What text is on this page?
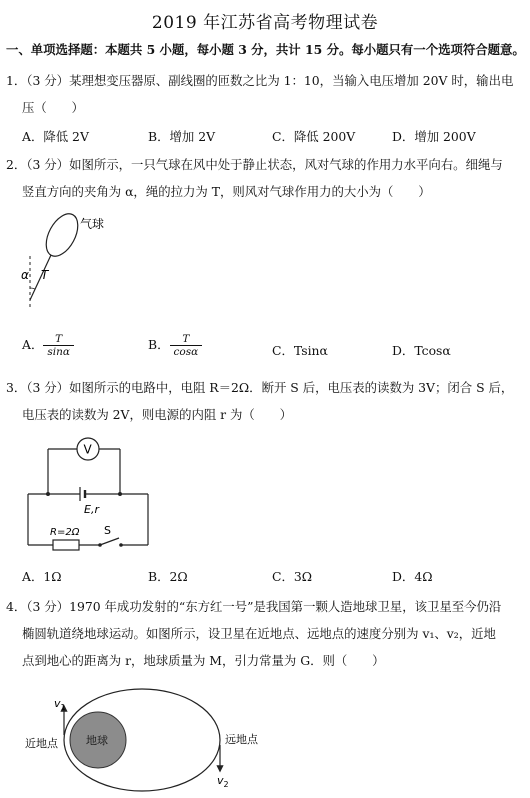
2019 年江苏省高考物理试卷
一、单项选择题：本题共 5 小题，每小题 3 分，共计 15 分。每小题只有一个选项符合题意。
1．（3 分）某理想变压器原、副线圈的匝数之比为 1：10，当输入电压增加 20V 时，输出电
压（　　）
A．降低 2V	B．增加 2V	C．降低 200V	D．增加 200V
2．（3 分）如图所示，一只气球在风中处于静止状态，风对气球的作用力水平向右。细绳与
竖直方向的夹角为 α，绳的拉力为 T，则风对气球作用力的大小为（　　）
气球
α T
A． $\frac{T}{\sin\alpha}$	B． $\frac{T}{\cos\alpha}$	C．Tsinα	D．Tcosα
3．（3 分）如图所示的电路中，电阻 R＝2Ω．断开 S 后，电压表的读数为 3V；闭合 S 后，
电压表的读数为 2V，则电源的内阻 r 为（　　）
V
E,r
R=2Ω S
A．1Ω	B．2Ω	C．3Ω	D．4Ω
4．（3 分）1970 年成功发射的“东方红一号”是我国第一颗人造地球卫星，该卫星至今仍沿
椭圆轨道绕地球运动。如图所示，设卫星在近地点、远地点的速度分别为 v₁、v₂，近地
点到地心的距离为 r，地球质量为 M，引力常量为 G．则（　　）
地球
$v_1$
近地点
$v_2$
远地点
